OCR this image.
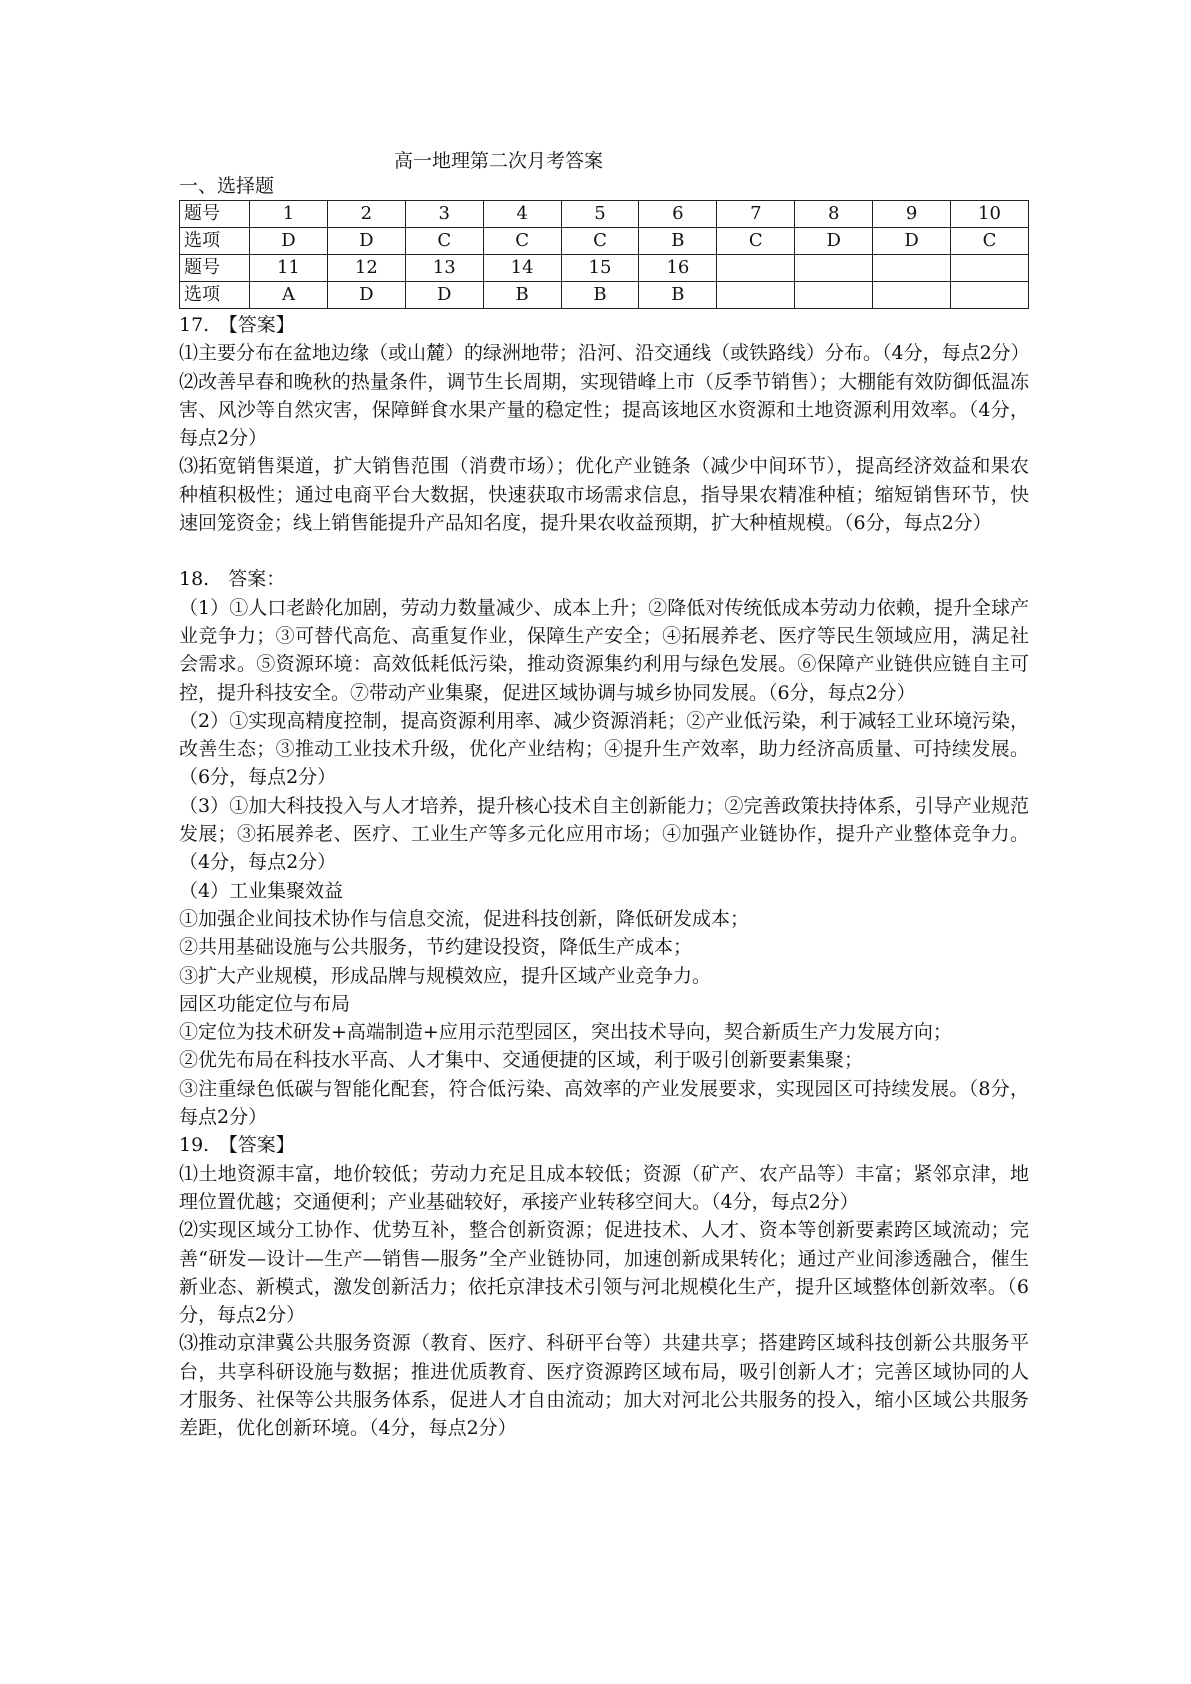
高一地理第二次月考答案
一、选择题
题号	1	2	3	4	5	6	7	8	9	10
选项	D	D	C	C	C	B	C	D	D	C
题号	11	12	13	14	15	16				
选项	A	D	D	B	B	B				

17.　【答案】

⑴主要分布在盆地边缘（或山麓）的绿洲地带；沿河、沿交通线（或铁路线）分布。（4分，每点2分）

⑵改善早春和晚秋的热量条件，调节生长周期，实现错峰上市（反季节销售）；大棚能有效防御低温冻害、风沙等自然灾害，保障鲜食水果产量的稳定性；提高该地区水资源和土地资源利用效率。（4分，每点2分）

⑶拓宽销售渠道，扩大销售范围（消费市场）；优化产业链条（减少中间环节），提高经济效益和果农种植积极性；通过电商平台大数据，快速获取市场需求信息，指导果农精准种植；缩短销售环节，快速回笼资金；线上销售能提升产品知名度，提升果农收益预期，扩大种植规模。（6分，每点2分）

18.　答案：

（1）①人口老龄化加剧，劳动力数量减少、成本上升；②降低对传统低成本劳动力依赖，提升全球产业竞争力；③可替代高危、高重复作业，保障生产安全；④拓展养老、医疗等民生领域应用，满足社会需求。⑤资源环境：高效低耗低污染，推动资源集约利用与绿色发展。⑥保障产业链供应链自主可控，提升科技安全。⑦带动产业集聚，促进区域协调与城乡协同发展。（6分，每点2分）

（2）①实现高精度控制，提高资源利用率、减少资源消耗；②产业低污染，利于减轻工业环境污染，改善生态；③推动工业技术升级，优化产业结构；④提升生产效率，助力经济高质量、可持续发展。（6分，每点2分）

（3）①加大科技投入与人才培养，提升核心技术自主创新能力；②完善政策扶持体系，引导产业规范发展；③拓展养老、医疗、工业生产等多元化应用市场；④加强产业链协作，提升产业整体竞争力。（4分，每点2分）

（4）工业集聚效益

①加强企业间技术协作与信息交流，促进科技创新，降低研发成本；

②共用基础设施与公共服务，节约建设投资，降低生产成本；

③扩大产业规模，形成品牌与规模效应，提升区域产业竞争力。

园区功能定位与布局

①定位为技术研发+高端制造+应用示范型园区，突出技术导向，契合新质生产力发展方向；

②优先布局在科技水平高、人才集中、交通便捷的区域，利于吸引创新要素集聚；

③注重绿色低碳与智能化配套，符合低污染、高效率的产业发展要求，实现园区可持续发展。（8分，每点2分）

19.　【答案】

⑴土地资源丰富，地价较低；劳动力充足且成本较低；资源（矿产、农产品等）丰富；紧邻京津，地理位置优越；交通便利；产业基础较好，承接产业转移空间大。（4分，每点2分）

⑵实现区域分工协作、优势互补，整合创新资源；促进技术、人才、资本等创新要素跨区域流动；完善“研发—设计—生产—销售—服务”全产业链协同，加速创新成果转化；通过产业间渗透融合，催生新业态、新模式，激发创新活力；依托京津技术引领与河北规模化生产，提升区域整体创新效率。（6分，每点2分）

⑶推动京津冀公共服务资源（教育、医疗、科研平台等）共建共享；搭建跨区域科技创新公共服务平台，共享科研设施与数据；推进优质教育、医疗资源跨区域布局，吸引创新人才；完善区域协同的人才服务、社保等公共服务体系，促进人才自由流动；加大对河北公共服务的投入，缩小区域公共服务差距，优化创新环境。（4分，每点2分）
